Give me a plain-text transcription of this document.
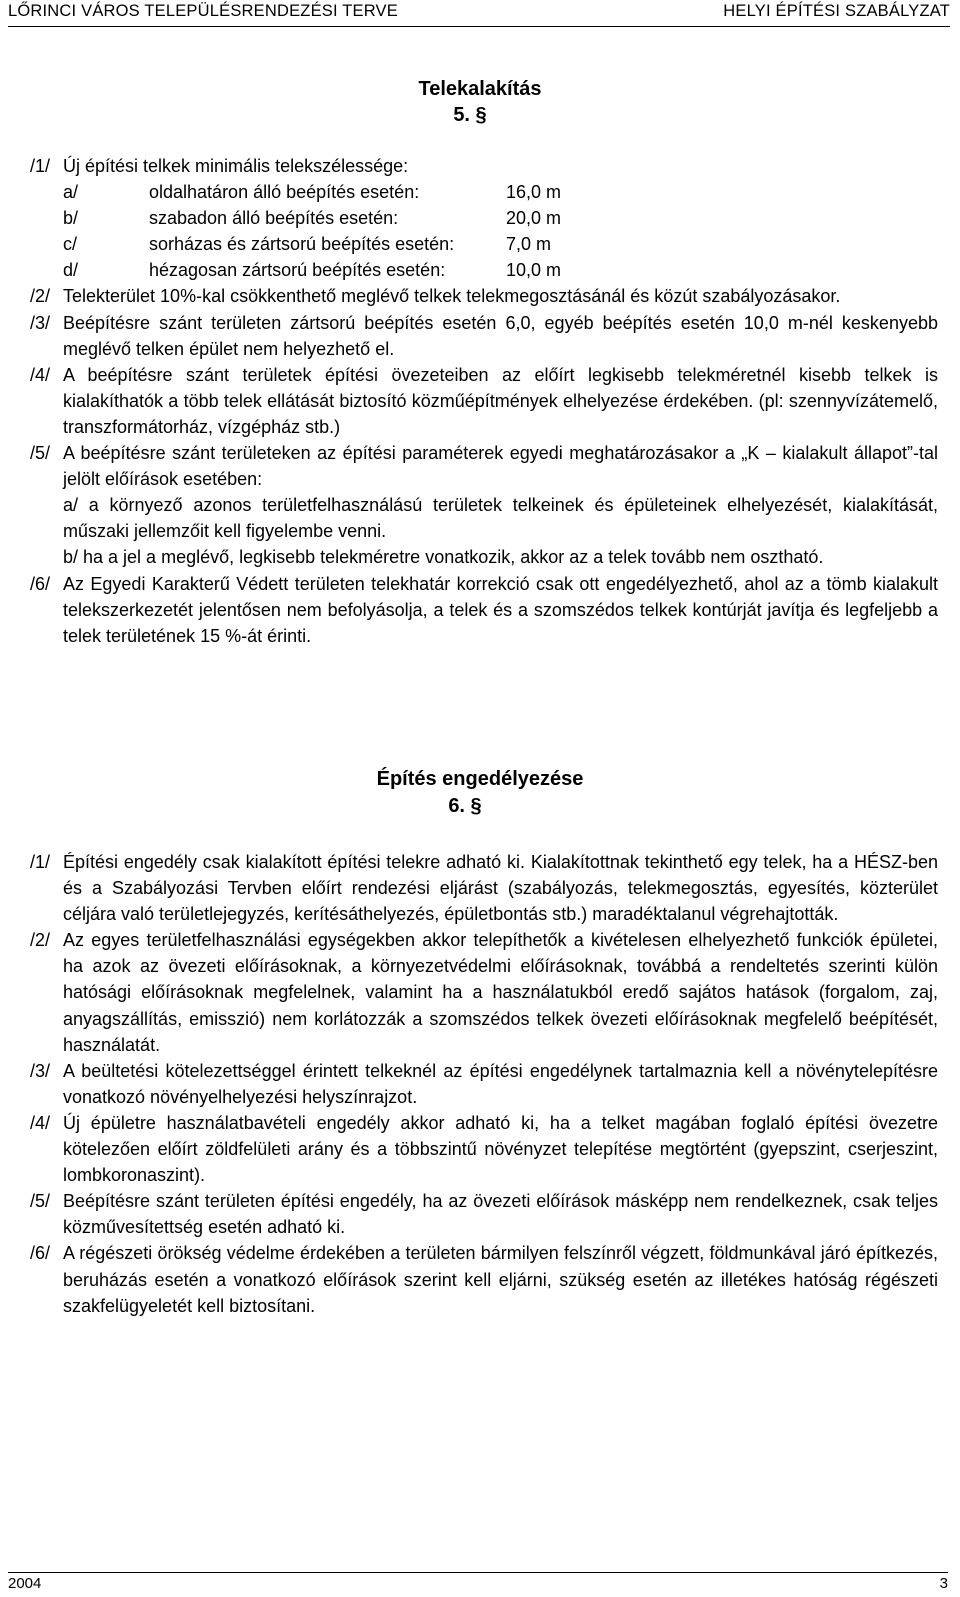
LŐRINCI VÁROS TELEPÜLÉSRENDEZÉSI TERVE	HELYI ÉPÍTÉSI SZABÁLYZAT
Telekalakítás
5. §
/1/ Új építési telkek minimális telekszélessége:
a/	oldalhatáron álló beépítés esetén:	16,0 m
b/	szabadon álló beépítés esetén:	20,0 m
c/	sorházas és zártsorú beépítés esetén:	7,0 m
d/	hézagosan zártsorú beépítés esetén:	10,0 m
/2/ Telekterület 10%-kal csökkenthető meglévő telkek telekmegosztásánál és közút szabályozásakor.
/3/ Beépítésre szánt területen zártsorú beépítés esetén 6,0, egyéb beépítés esetén 10,0 m-nél keskenyebb meglévő telken épület nem helyezhető el.
/4/ A beépítésre szánt területek építési övezeteiben az előírt legkisebb telekméretnél kisebb telkek is kialakíthatók a több telek ellátását biztosító közműépítmények elhelyezése érdekében. (pl: szennyvízátemelő, transzformátorház, vízgépház stb.)
/5/ A beépítésre szánt területeken az építési paraméterek egyedi meghatározásakor a „K – kialakult állapot”-tal jelölt előírások esetében:
a/ a környező azonos területfelhasználású területek telkeinek és épületeinek elhelyezését, kialakítását, műszaki jellemzőit kell figyelembe venni.
b/ ha a jel a meglévő, legkisebb telekméretre vonatkozik, akkor az a telek tovább nem osztható.
/6/ Az Egyedi Karakterű Védett területen telekhatár korrekció csak ott engedélyezhető, ahol az a tömb kialakult telekszerkezetét jelentősen nem befolyásolja, a telek és a szomszédos telkek kontúrját javítja és legfeljebb a telek területének 15 %-át érinti.
Építés engedélyezése
6. §
/1/ Építési engedély csak kialakított építési telekre adható ki. Kialakítottnak tekinthető egy telek, ha a HÉSZ-ben és a Szabályozási Tervben előírt rendezési eljárást (szabályozás, telekmegosztás, egyesítés, közterület céljára való területlejegyzés, kerítésáthelyezés, épületbontás stb.) maradéktalanul végrehajtották.
/2/ Az egyes területfelhasználási egységekben akkor telepíthetők a kivételesen elhelyezhető funkciók épületei, ha azok az övezeti előírásoknak, a környezetvédelmi előírásoknak, továbbá a rendeltetés szerinti külön hatósági előírásoknak megfelelnek, valamint ha a használatukból eredő sajátos hatások (forgalom, zaj, anyagszállítás, emisszió) nem korlátozzák a szomszédos telkek övezeti előírásoknak megfelelő beépítését, használatát.
/3/ A beültetési kötelezettséggel érintett telkeknél az építési engedélynek tartalmaznia kell a növénytelepítésre vonatkozó növényelhelyezési helyszínrajzot.
/4/ Új épületre használatbavételi engedély akkor adható ki, ha a telket magában foglaló építési övezetre kötelezően előírt zöldfelületi arány és a többszintű növényzet telepítése megtörtént (gyepszint, cserjeszint, lombkoronaszint).
/5/ Beépítésre szánt területen építési engedély, ha az övezeti előírások másképp nem rendelkeznek, csak teljes közművesítettség esetén adható ki.
/6/ A régészeti örökség védelme érdekében a területen bármilyen felszínről végzett, földmunkával járó építkezés, beruházás esetén a vonatkozó előírások szerint kell eljárni, szükség esetén az illetékes hatóság régészeti szakfelügyeletét kell biztosítani.
2004	3
